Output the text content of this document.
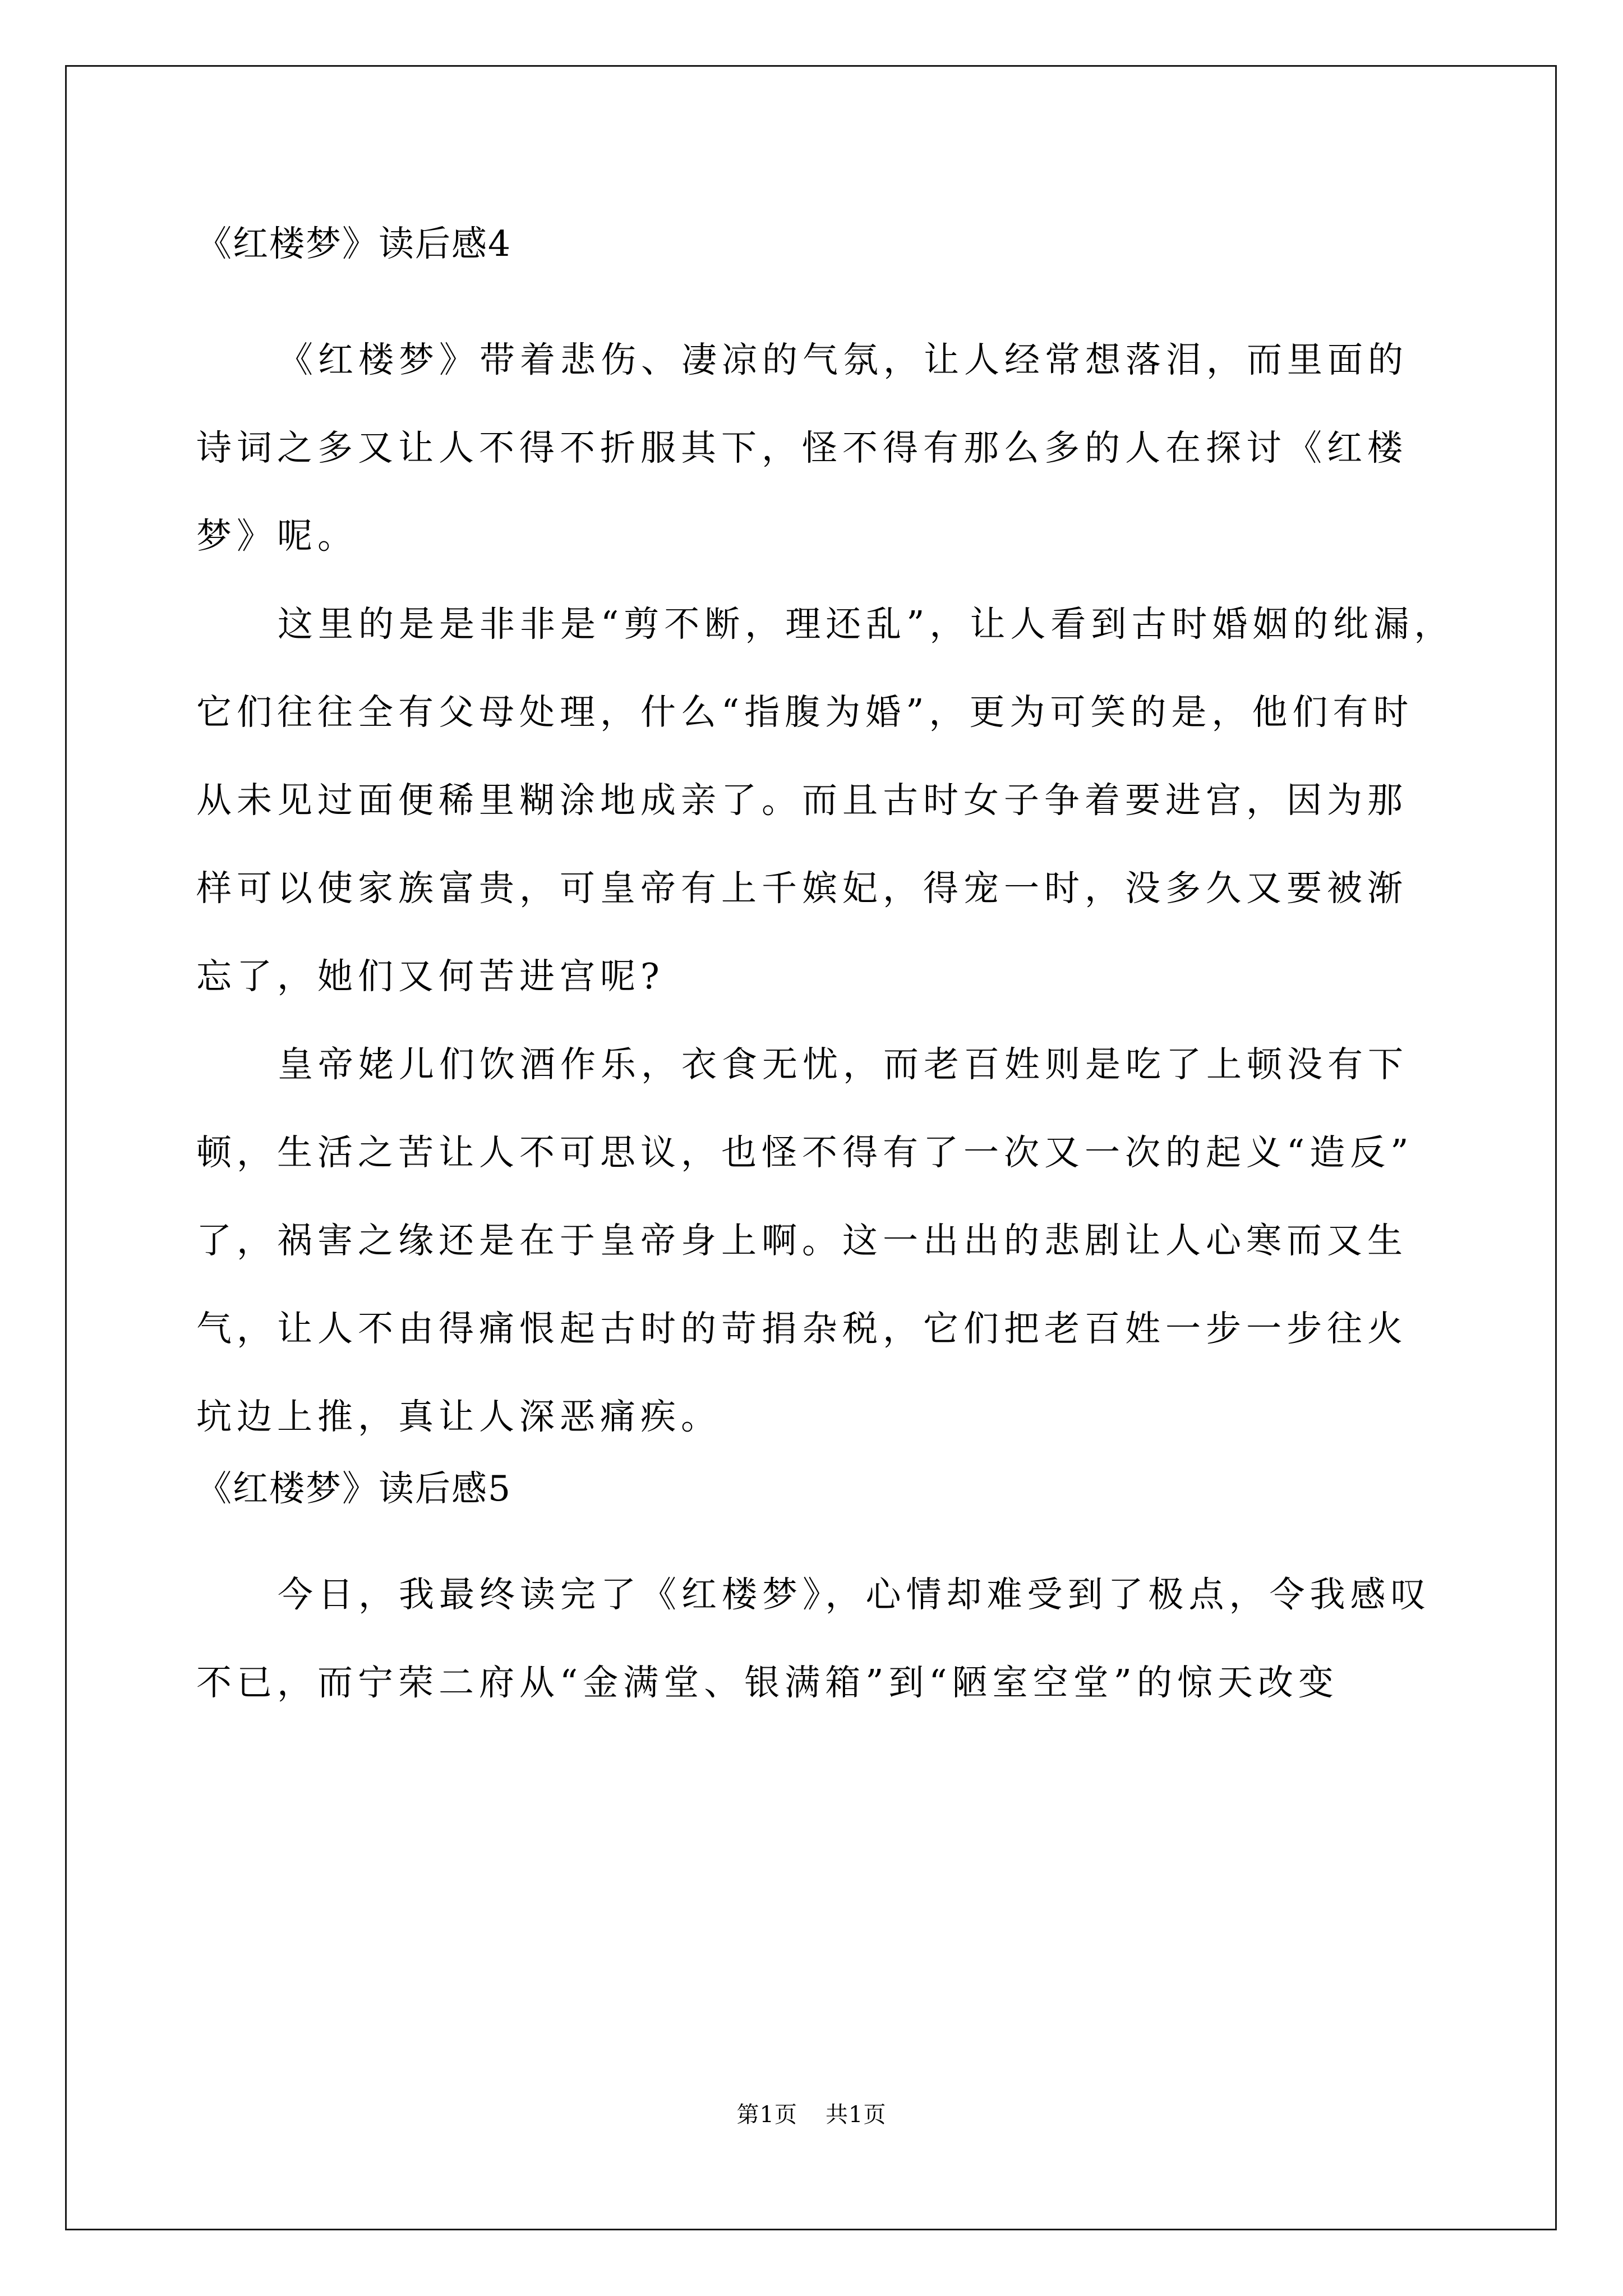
《红楼梦》读后感4
《红楼梦》带着悲伤、凄凉的气氛，让人经常想落泪，而里面的
诗词之多又让人不得不折服其下，怪不得有那么多的人在探讨《红楼
梦》呢。
这里的是是非非是“剪不断，理还乱”，让人看到古时婚姻的纰漏，
它们往往全有父母处理，什么“指腹为婚”，更为可笑的是，他们有时
从未见过面便稀里糊涂地成亲了。而且古时女子争着要进宫，因为那
样可以使家族富贵，可皇帝有上千嫔妃，得宠一时，没多久又要被渐
忘了，她们又何苦进宫呢?
皇帝姥儿们饮酒作乐，衣食无忧，而老百姓则是吃了上顿没有下
顿，生活之苦让人不可思议，也怪不得有了一次又一次的起义“造反”
了，祸害之缘还是在于皇帝身上啊。这一出出的悲剧让人心寒而又生
气，让人不由得痛恨起古时的苛捐杂税，它们把老百姓一步一步往火
坑边上推，真让人深恶痛疾。
《红楼梦》读后感5
今日，我最终读完了《红楼梦》，心情却难受到了极点，令我感叹
不已，而宁荣二府从“金满堂、银满箱”到“陋室空堂”的惊天改变
第1页 共1页
